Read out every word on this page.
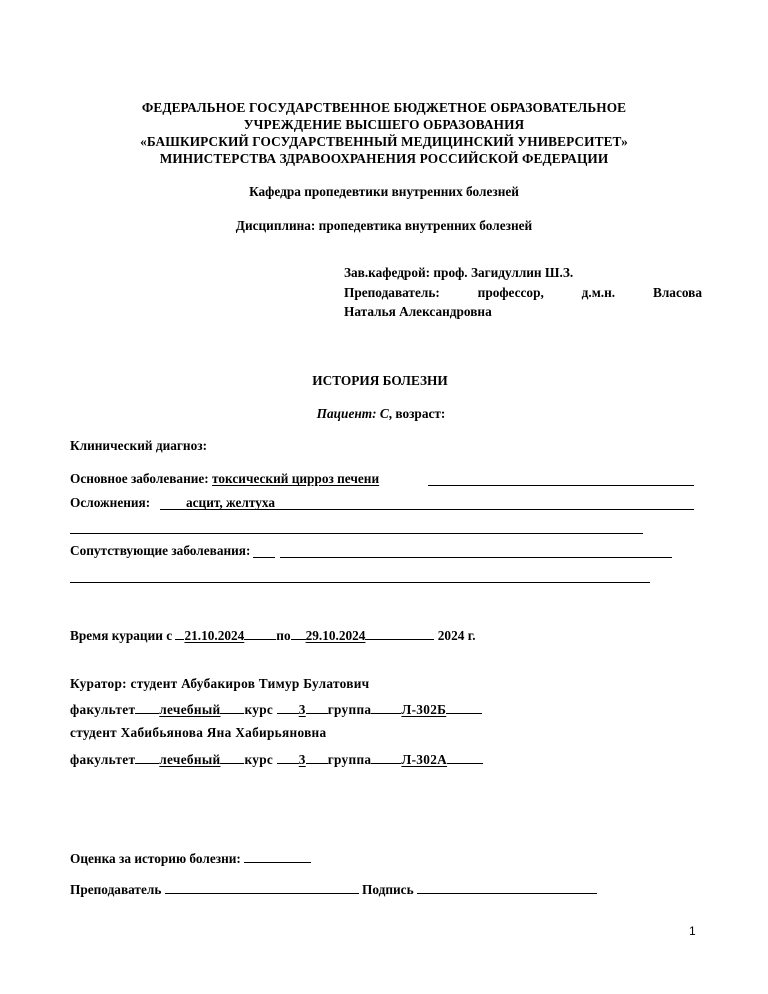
ФЕДЕРАЛЬНОЕ ГОСУДАРСТВЕННОЕ БЮДЖЕТНОЕ ОБРАЗОВАТЕЛЬНОЕ
УЧРЕЖДЕНИЕ ВЫСШЕГО ОБРАЗОВАНИЯ
«БАШКИРСКИЙ ГОСУДАРСТВЕННЫЙ МЕДИЦИНСКИЙ УНИВЕРСИТЕТ»
МИНИСТЕРСТВА ЗДРАВООХРАНЕНИЯ РОССИЙСКОЙ ФЕДЕРАЦИИ
Кафедра пропедевтики внутренних болезней
Дисциплина: пропедевтика внутренних болезней
Зав.кафедрой: проф. Загидуллин Ш.З.
Преподаватель:	профессор,	д.м.н.	Власова
Наталья Александровна
ИСТОРИЯ БОЛЕЗНИ
Пациент: С, возраст:
Клинический диагноз:
Основное заболевание: токсический цирроз печени
Осложнения:	асцит, желтуха
Сопутствующие заболевания:
Время курации с 21.10.2024 по 29.10.2024	2024 г.
Куратор: студент Абубакиров Тимур Булатович
факультет лечебный курс 3 группа Л-302Б
студент Хабибьянова Яна Хабирьяновна
факультет лечебный курс 3 группа Л-302А
Оценка за историю болезни:
Преподаватель	Подпись
1
